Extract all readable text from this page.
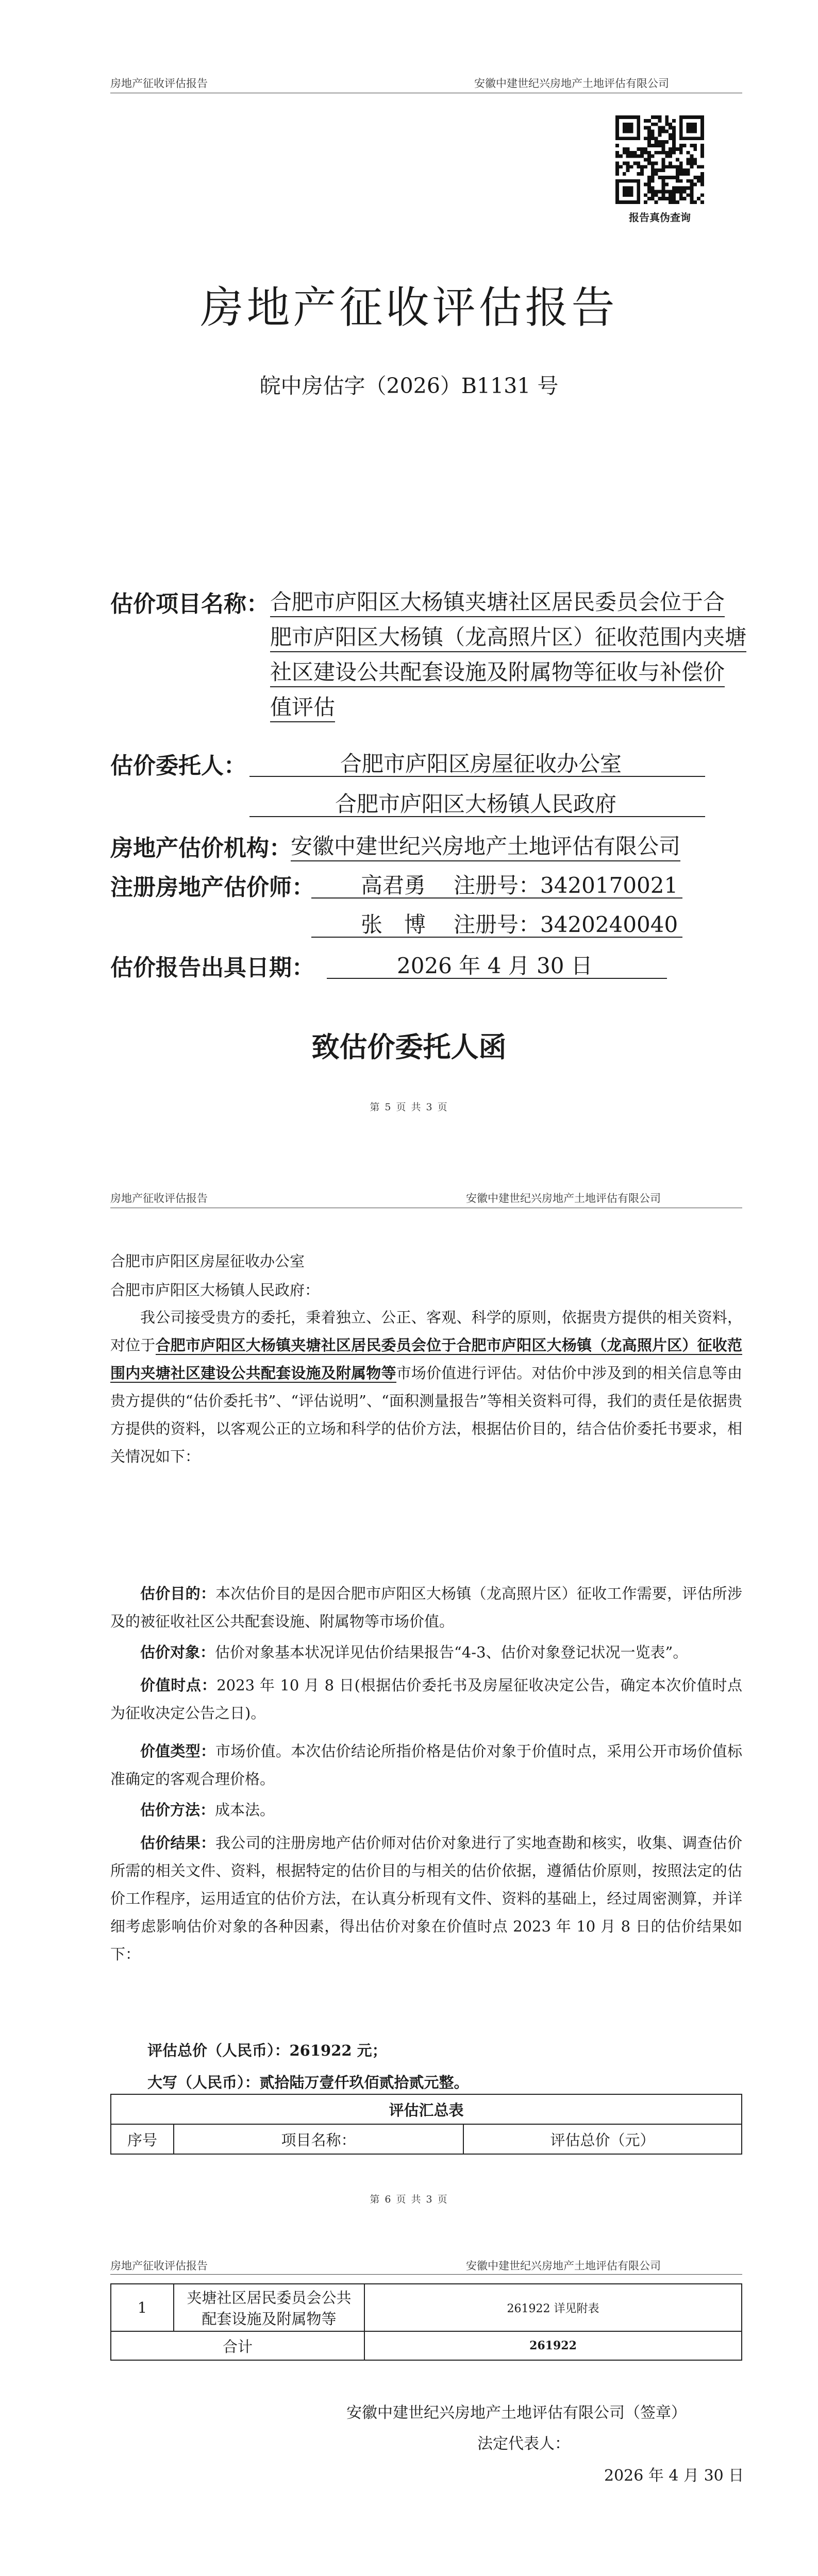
房地产征收评估报告	安徽中建世纪兴房地产土地评估有限公司
报告真伪查询
房地产征收评估报告
皖中房估字（2026）B1131 号
估价项目名称： 合肥市庐阳区大杨镇夹塘社区居民委员会位于合
肥市庐阳区大杨镇（龙高照片区）征收范围内夹塘
社区建设公共配套设施及附属物等征收与补偿价
值评估
估价委托人：	合肥市庐阳区房屋征收办公室
合肥市庐阳区大杨镇人民政府
房地产估价机构：
安徽中建世纪兴房地产土地评估有限公司
注册房地产估价师： 高君勇 注册号：3420170021
张　博 注册号：3420240040
估价报告出具日期：	2026 年 4 月 30 日
致估价委托人函
第 5 页 共 3 页
房地产征收评估报告	安徽中建世纪兴房地产土地评估有限公司
合肥市庐阳区房屋征收办公室
合肥市庐阳区大杨镇人民政府：

我公司接受贵方的委托，秉着独立、公正、客观、科学的原则，依据贵方提供的相关资料，对位于合肥市庐阳区大杨镇夹塘社区居民委员会位于合肥市庐阳区大杨镇（龙高照片区）征收范围内夹塘社区建设公共配套设施及附属物等市场价值进行评估。对估价中涉及到的相关信息等由贵方提供的“估价委托书”、“评估说明”、“面积测量报告”等相关资料可得，我们的责任是依据贵方提供的资料，以客观公正的立场和科学的估价方法，根据估价目的，结合估价委托书要求，相关情况如下：

估价目的：本次估价目的是因合肥市庐阳区大杨镇（龙高照片区）征收工作需要，评估所涉及的被征收社区公共配套设施、附属物等市场价值。

估价对象：估价对象基本状况详见估价结果报告“4-3、估价对象登记状况一览表”。

价值时点：2023 年 10 月 8 日(根据估价委托书及房屋征收决定公告，确定本次价值时点为征收决定公告之日)。

价值类型：市场价值。本次估价结论所指价格是估价对象于价值时点，采用公开市场价值标准确定的客观合理价格。

估价方法：成本法。

估价结果：我公司的注册房地产估价师对估价对象进行了实地查勘和核实，收集、调查估价所需的相关文件、资料，根据特定的估价目的与相关的估价依据，遵循估价原则，按照法定的估价工作程序，运用适宜的估价方法，在认真分析现有文件、资料的基础上，经过周密测算，并详细考虑影响估价对象的各种因素，得出估价对象在价值时点 2023 年 10 月 8 日的估价结果如下：

评估总价（人民币）：261922 元；
大写（人民币）：贰拾陆万壹仟玖佰贰拾贰元整。
评估汇总表
序号	项目名称：	评估总价（元）
第 6 页 共 3 页
房地产征收评估报告	安徽中建世纪兴房地产土地评估有限公司
1	夹塘社区居民委员会公共配套设施及附属物等	261922 详见附表
合计		261922
安徽中建世纪兴房地产土地评估有限公司（签章）
法定代表人：
2026 年 4 月 30 日
